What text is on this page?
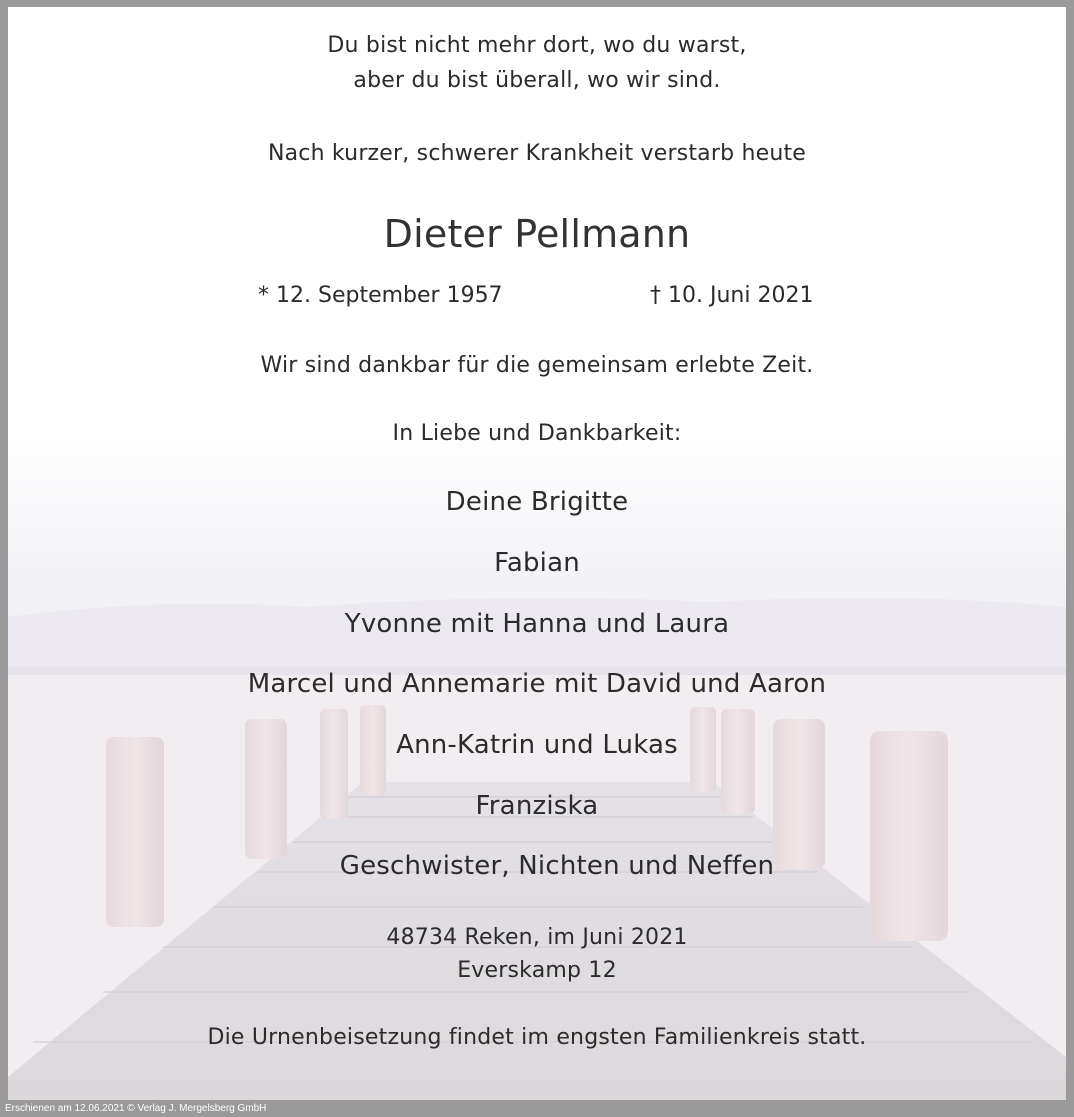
Du bist nicht mehr dort, wo du warst,
aber du bist überall, wo wir sind.
Nach kurzer, schwerer Krankheit verstarb heute
Dieter Pellmann
* 12. September 1957	† 10. Juni 2021
Wir sind dankbar für die gemeinsam erlebte Zeit.
In Liebe und Dankbarkeit:
Deine Brigitte
Fabian
Yvonne mit Hanna und Laura
Marcel und Annemarie mit David und Aaron
Ann-Katrin und Lukas
Franziska
Geschwister, Nichten und Neffen
48734 Reken, im Juni 2021
Everskamp 12
Die Urnenbeisetzung findet im engsten Familienkreis statt.
Erschienen am 12.06.2021 © Verlag J. Mergelsberg GmbH
